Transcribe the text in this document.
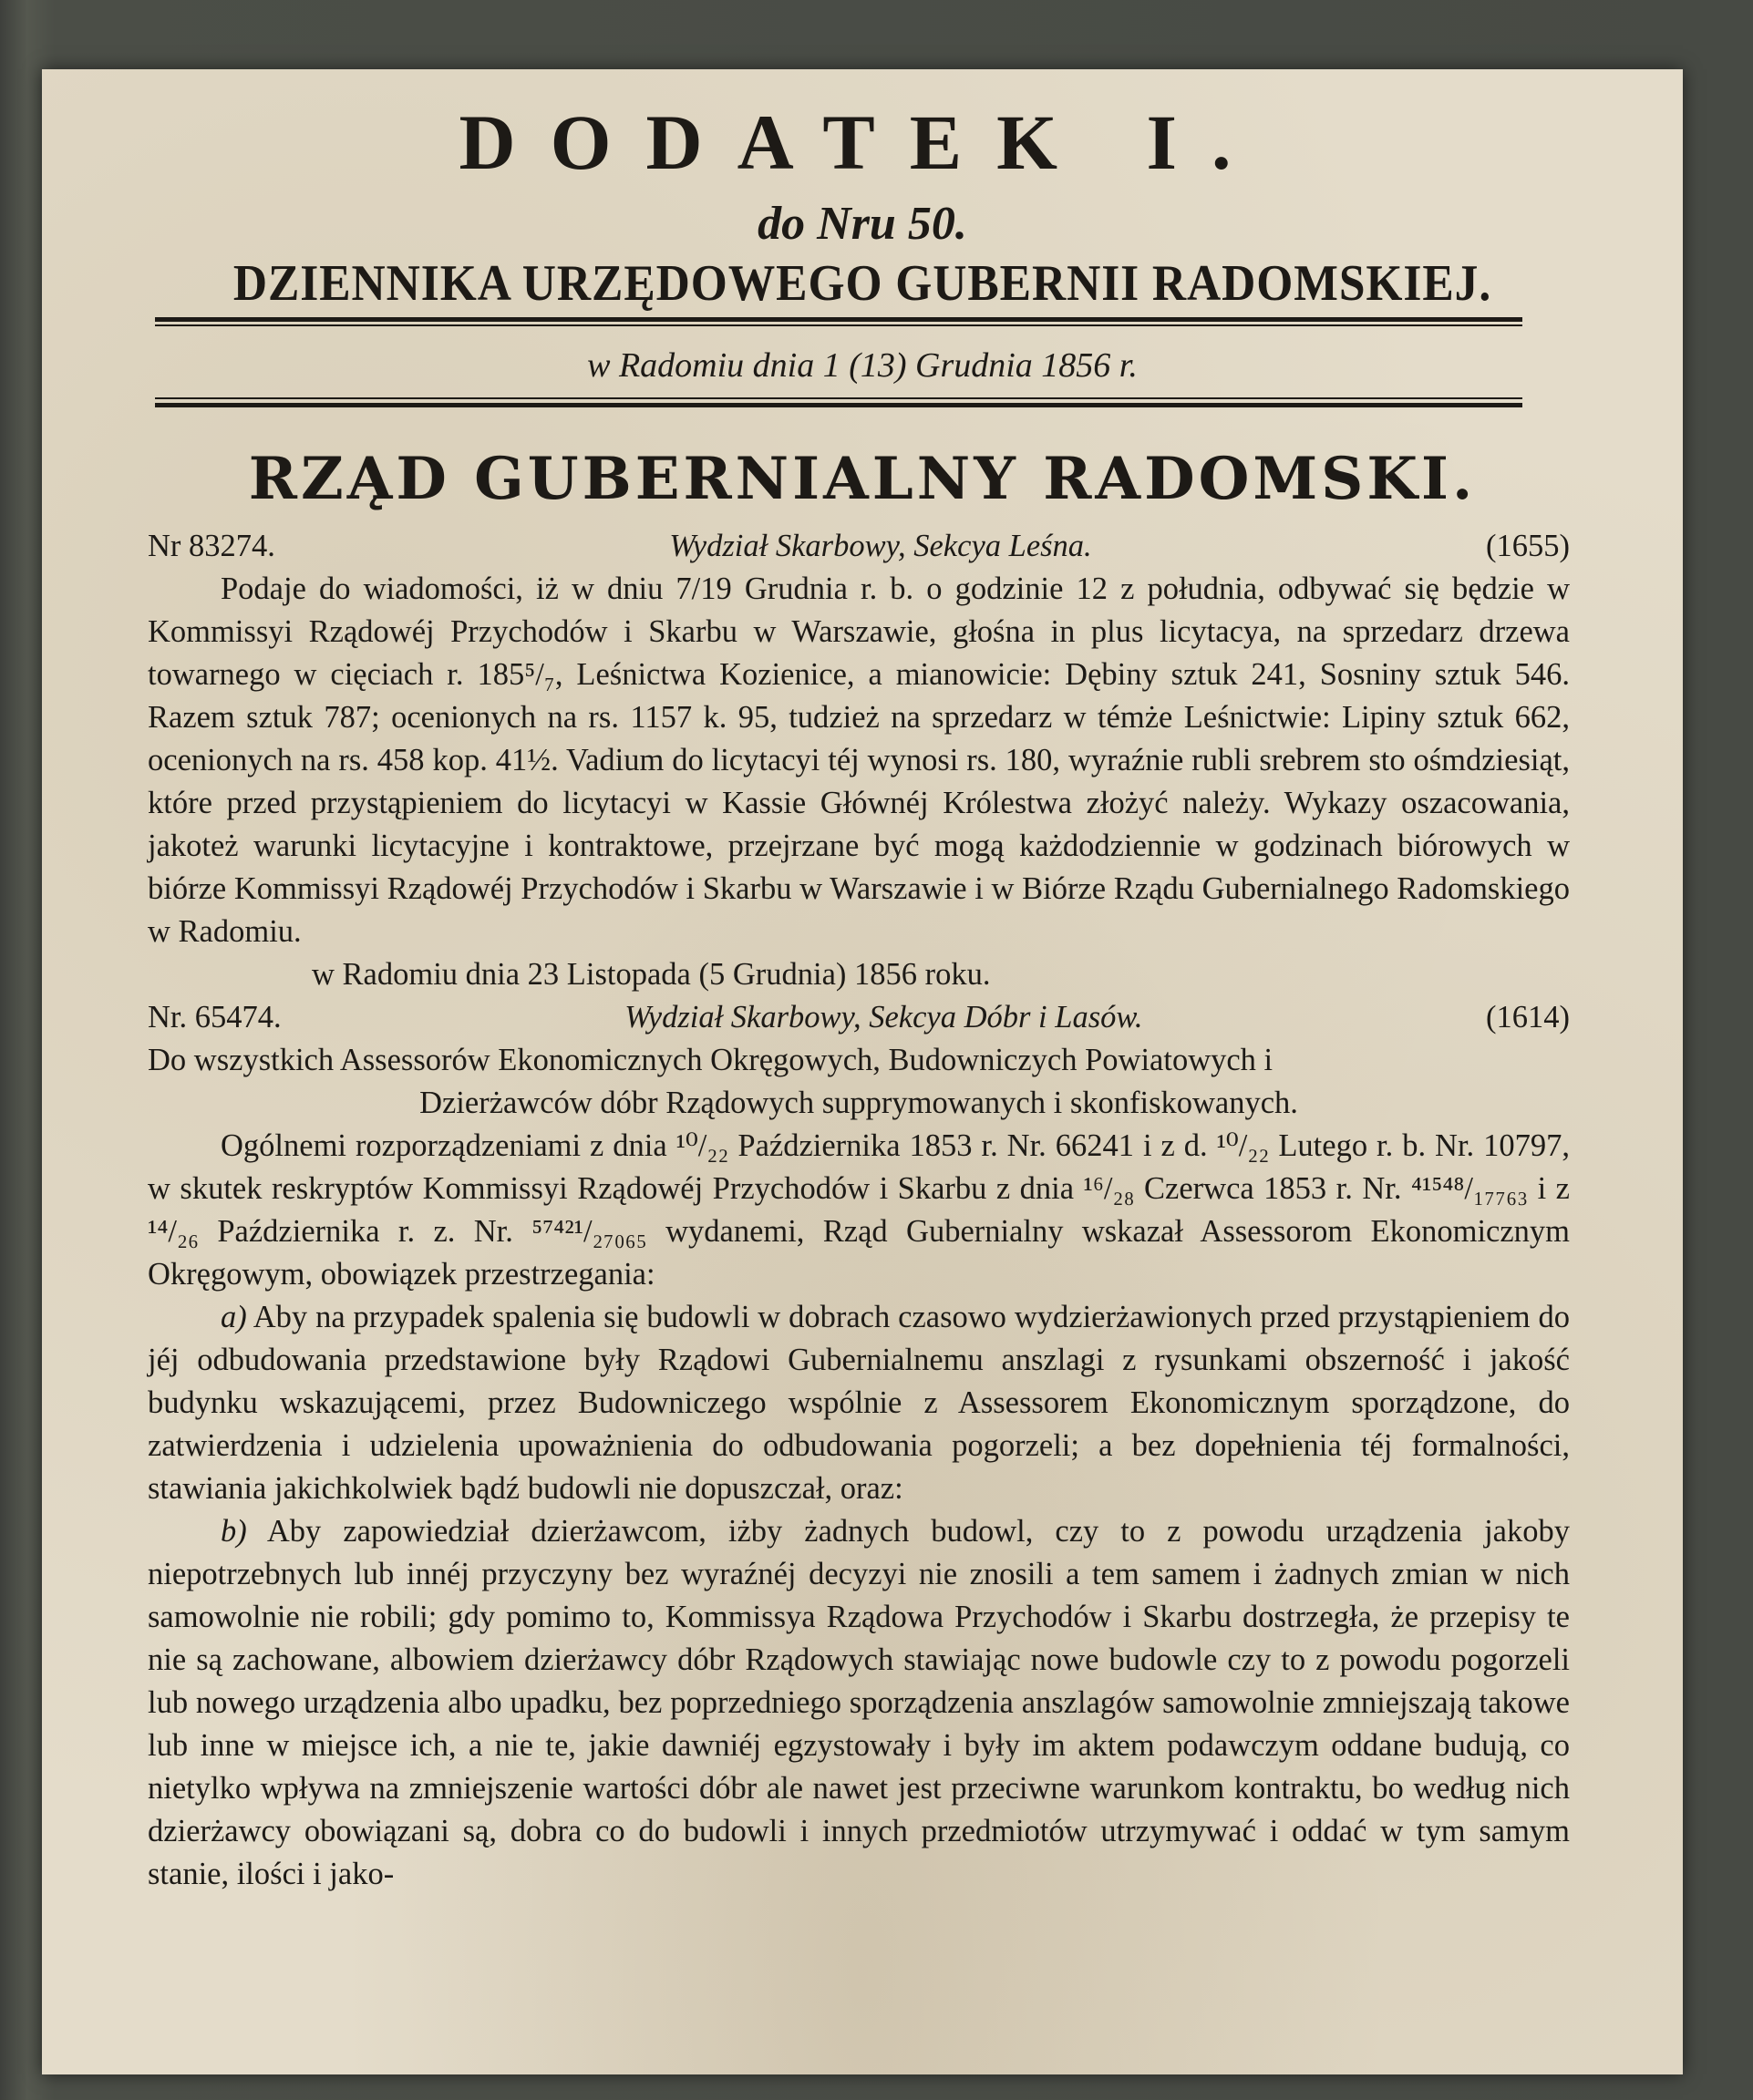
DODATEK I.
do Nru 50.
DZIENNIKA URZĘDOWEGO GUBERNII RADOMSKIEJ.
w Radomiu dnia 1 (13) Grudnia 1856 r.
RZĄD GUBERNIALNY RADOMSKI.
Nr 83274.	Wydział Skarbowy, Sekcya Leśna.	(1655)

Podaje do wiadomości, iż w dniu 7/19 Grudnia r. b. o godzinie 12 z południa, odbywać się będzie w Kommissyi Rządowéj Przychodów i Skarbu w Warszawie, głośna in plus licytacya, na sprzedarz drzewa towarnego w cięciach r. 185⁵/₇, Leśnictwa Kozienice, a mianowicie: Dębiny sztuk 241, Sosniny sztuk 546. Razem sztuk 787; ocenionych na rs. 1157 k. 95, tudzież na sprzedarz w témże Leśnictwie: Lipiny sztuk 662, ocenionych na rs. 458 kop. 41½. Vadium do licytacyi téj wynosi rs. 180, wyraźnie rubli srebrem sto ośmdziesiąt, które przed przystąpieniem do licytacyi w Kassie Głównéj Królestwa złożyć należy. Wykazy oszacowania, jakoteż warunki licytacyjne i kontraktowe, przejrzane być mogą każdodziennie w godzinach biórowych w biórze Kommissyi Rządowéj Przychodów i Skarbu w Warszawie i w Biórze Rządu Gubernialnego Radomskiego w Radomiu.

w Radomiu dnia 23 Listopada (5 Grudnia) 1856 roku.

Nr. 65474.	Wydział Skarbowy, Sekcya Dóbr i Lasów.	(1614)

Do wszystkich Assessorów Ekonomicznych Okręgowych, Budowniczych Powiatowych i

Dzierżawców dóbr Rządowych supprymowanych i skonfiskowanych.

Ogólnemi rozporządzeniami z dnia ¹⁰/₂₂ Października 1853 r. Nr. 66241 i z d. ¹⁰/₂₂ Lutego r. b. Nr. 10797, w skutek reskryptów Kommissyi Rządowéj Przychodów i Skarbu z dnia ¹⁶/₂₈ Czerwca 1853 r. Nr. ⁴¹⁵⁴⁸/₁₇₇₆₃ i z ¹⁴/₂₆ Października r. z. Nr. ⁵⁷⁴²¹/₂₇₀₆₅ wydanemi, Rząd Gubernialny wskazał Assessorom Ekonomicznym Okręgowym, obowiązek przestrzegania:

a) Aby na przypadek spalenia się budowli w dobrach czasowo wydzierżawionych przed przystąpieniem do jéj odbudowania przedstawione były Rządowi Gubernialnemu anszlagi z rysunkami obszerność i jakość budynku wskazującemi, przez Budowniczego wspólnie z Assessorem Ekonomicznym sporządzone, do zatwierdzenia i udzielenia upoważnienia do odbudowania pogorzeli; a bez dopełnienia téj formalności, stawiania jakichkolwiek bądź budowli nie dopuszczał, oraz:

b) Aby zapowiedział dzierżawcom, iżby żadnych budowl, czy to z powodu urządzenia jakoby niepotrzebnych lub innéj przyczyny bez wyraźnéj decyzyi nie znosili a tem samem i żadnych zmian w nich samowolnie nie robili; gdy pomimo to, Kommissya Rządowa Przychodów i Skarbu dostrzegła, że przepisy te nie są zachowane, albowiem dzierżawcy dóbr Rządowych stawiając nowe budowle czy to z powodu pogorzeli lub nowego urządzenia albo upadku, bez poprzedniego sporządzenia anszlagów samowolnie zmniejszają takowe lub inne w miejsce ich, a nie te, jakie dawniéj egzystowały i były im aktem podawczym oddane budują, co nietylko wpływa na zmniejszenie wartości dóbr ale nawet jest przeciwne warunkom kontraktu, bo według nich dzierżawcy obowiązani są, dobra co do budowli i innych przedmiotów utrzymywać i oddać w tym samym stanie, ilości i jako-
